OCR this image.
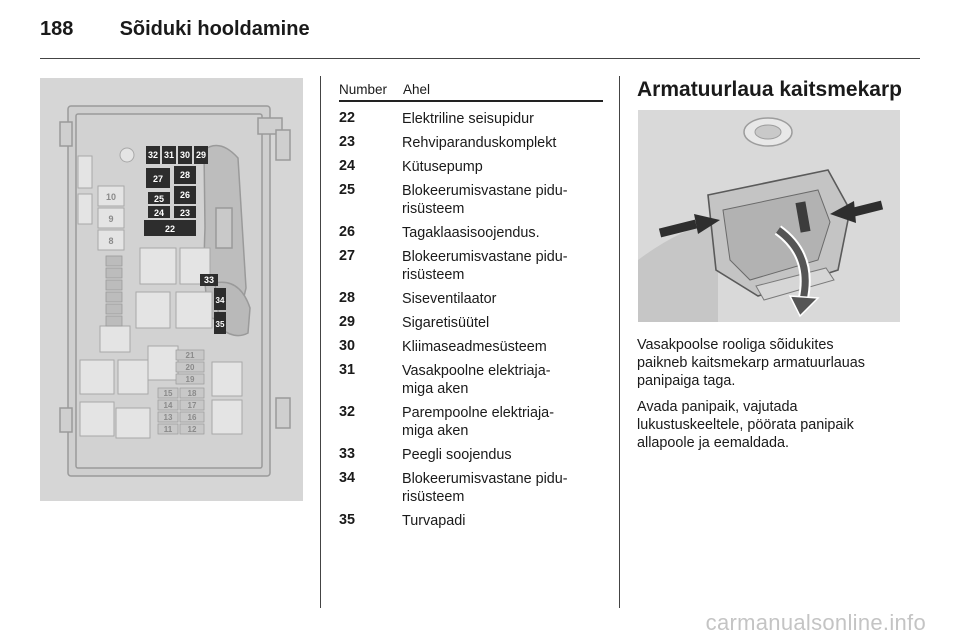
188 Sõiduki hooldamine
32 31 30 29
28
27
26
25
24 23
22
33
34
35
10
9
8
21
20
19
18
17
16
15
14
13
12
11
Number Ahel
22	Elektriline seisupidur
23	Rehviparanduskomplekt
24	Kütusepump
25	Blokeerumisvastane pidu-
risüsteem
26	Tagaklaasisoojendus.
27	Blokeerumisvastane pidu-
risüsteem
28	Siseventilaator
29	Sigaretisüütel
30	Kliimaseadmesüsteem
31	Vasakpoolne elektriaja-
miga aken
32	Parempoolne elektriaja-
miga aken
33	Peegli soojendus
34	Blokeerumisvastane pidu-
risüsteem
35	Turvapadi
Armatuurlaua kaitsmekarp
Vasakpoolse rooliga sõidukites
paikneb kaitsmekarp armatuurlauas
panipaiga taga.
Avada panipaik, vajutada
lukustuskeeltele, pöörata panipaik
allapoole ja eemaldada.
carmanualsonline.info
